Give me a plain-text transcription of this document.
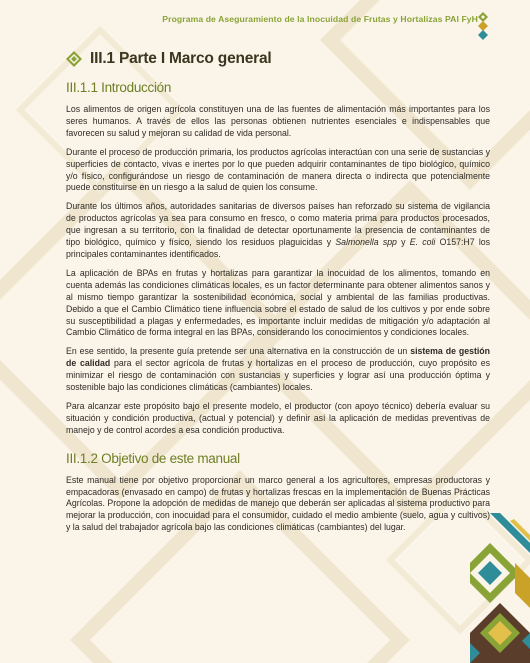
Programa de Aseguramiento de la Inocuidad de Frutas y Hortalizas PAI FyH
III.1 Parte I Marco general
III.1.1 Introducción

Los alimentos de origen agrícola constituyen una de las fuentes de alimentación más importantes para los seres humanos. A través de ellos las personas obtienen nutrientes esenciales e indispensables que favorecen su salud y mejoran su calidad de vida personal.

Durante el proceso de producción primaria, los productos agrícolas interactúan con una serie de sustancias y superficies de contacto, vivas e inertes por lo que pueden adquirir contaminantes de tipo biológico, químico y/o físico, configurándose un riesgo de contaminación de manera directa o indirecta que potencialmente puede constituirse en un riesgo a la salud de quien los consume.

Durante los últimos años, autoridades sanitarias de diversos países han reforzado su sistema de vigilancia de productos agrícolas ya sea para consumo en fresco, o como materia prima para productos procesados, que ingresan a su territorio, con la finalidad de detectar oportunamente la presencia de contaminantes de tipo biológico, químico y físico, siendo los residuos plaguicidas y Salmonella spp y E. coli O157:H7 los principales contaminantes identificados.

La aplicación de BPAs en frutas y hortalizas para garantizar la inocuidad de los alimentos, tomando en cuenta además las condiciones climáticas locales, es un factor determinante para obtener alimentos sanos y al mismo tiempo garantizar la sostenibilidad económica, social y ambiental de las familias productivas. Debido a que el Cambio Climático tiene influencia sobre el estado de salud de los cultivos y por ende sobre su susceptibilidad a plagas y enfermedades, es importante incluir medidas de mitigación y/o adaptación al Cambio Climático de forma integral en las BPAs, considerando los conocimientos y condiciones locales.

En ese sentido, la presente guía pretende ser una alternativa en la construcción de un sistema de gestión de calidad para el sector agrícola de frutas y hortalizas en el proceso de producción, cuyo propósito es minimizar el riesgo de contaminación con sustancias y superficies y lograr así una producción óptima y sostenible bajo las condiciones climáticas (cambiantes) locales.

Para alcanzar este propósito bajo el presente modelo, el productor (con apoyo técnico) debería evaluar su situación y condición productiva, (actual y potencial) y definir así la aplicación de medidas preventivas de manejo y de control acordes a esa condición productiva.

III.1.2 Objetivo de este manual

Este manual tiene por objetivo proporcionar un marco general a los agricultores, empresas productoras y empacadoras (envasado en campo) de frutas y hortalizas frescas en la implementación de Buenas Prácticas Agrícolas. Propone la adopción de medidas de manejo que deberán ser aplicadas al sistema productivo para mejorar la producción, con inocuidad para el consumidor, cuidado el medio ambiente (suelo, agua y cultivos) y la salud del trabajador agrícola bajo las condiciones climáticas (cambiantes) del lugar.
